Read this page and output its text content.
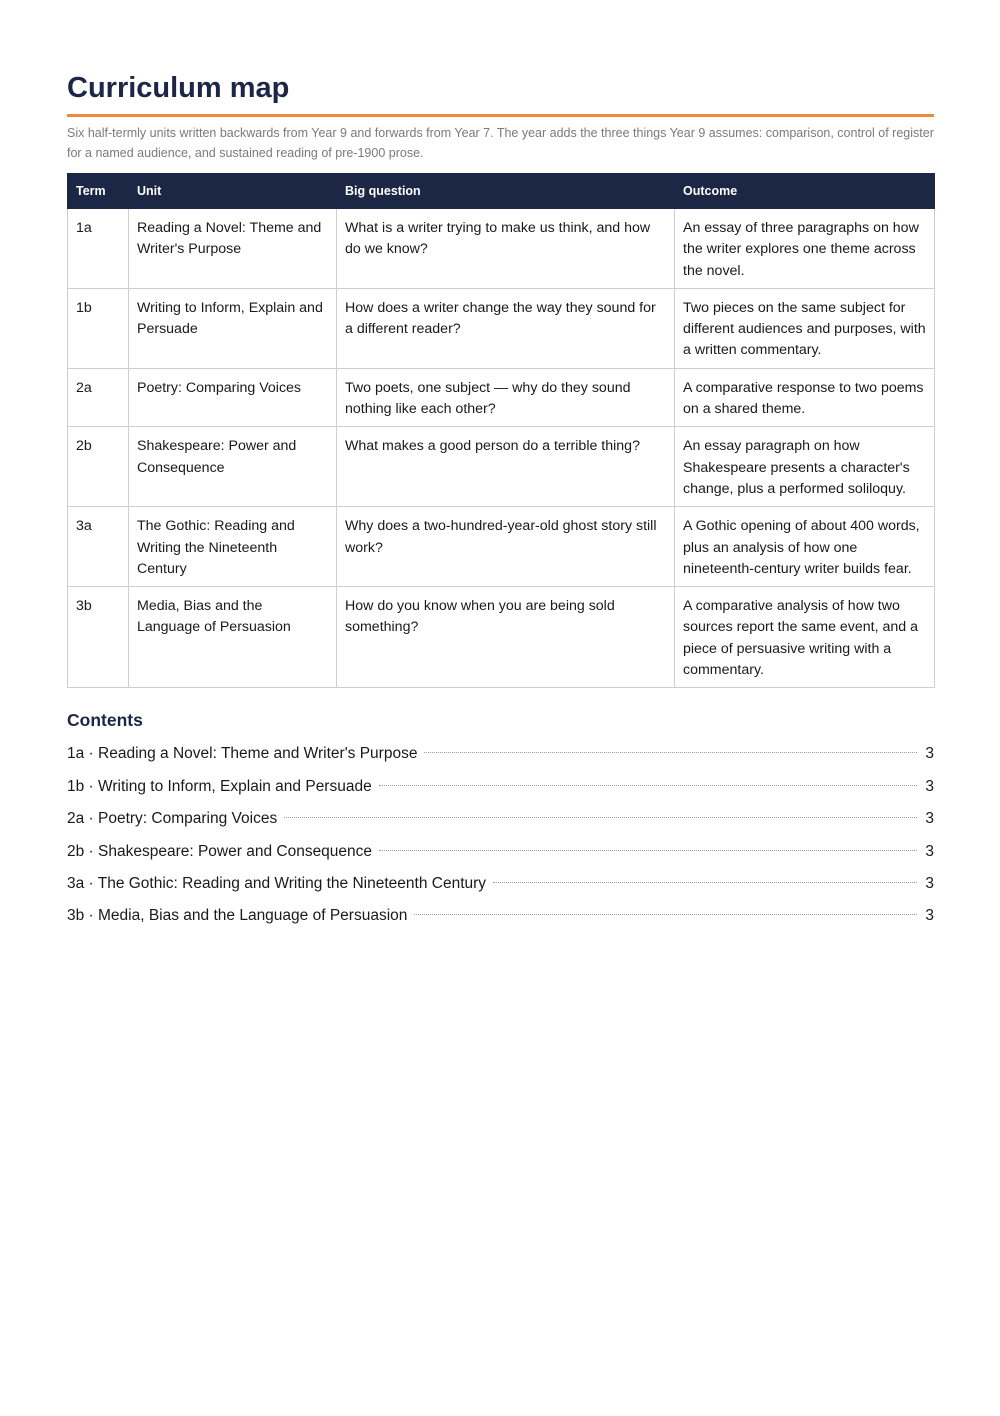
Curriculum map

Six half-termly units written backwards from Year 9 and forwards from Year 7. The year adds the three things Year 9 assumes: comparison, control of register for a named audience, and sustained reading of pre-1900 prose.

Term	Unit	Big question	Outcome
1a	Reading a Novel: Theme and Writer's Purpose	What is a writer trying to make us think, and how do we know?	An essay of three paragraphs on how the writer explores one theme across the novel.
1b	Writing to Inform, Explain and Persuade	How does a writer change the way they sound for a different reader?	Two pieces on the same subject for different audiences and purposes, with a written commentary.
2a	Poetry: Comparing Voices	Two poets, one subject — why do they sound nothing like each other?	A comparative response to two poems on a shared theme.
2b	Shakespeare: Power and Consequence	What makes a good person do a terrible thing?	An essay paragraph on how Shakespeare presents a character's change, plus a performed soliloquy.
3a	The Gothic: Reading and Writing the Nineteenth Century	Why does a two-hundred-year-old ghost story still work?	A Gothic opening of about 400 words, plus an analysis of how one nineteenth-century writer builds fear.
3b	Media, Bias and the Language of Persuasion	How do you know when you are being sold something?	A comparative analysis of how two sources report the same event, and a piece of persuasive writing with a commentary.
Contents
1a · Reading a Novel: Theme and Writer's Purpose	3
1b · Writing to Inform, Explain and Persuade	3
2a · Poetry: Comparing Voices	3
2b · Shakespeare: Power and Consequence	3
3a · The Gothic: Reading and Writing the Nineteenth Century	3
3b · Media, Bias and the Language of Persuasion	3
